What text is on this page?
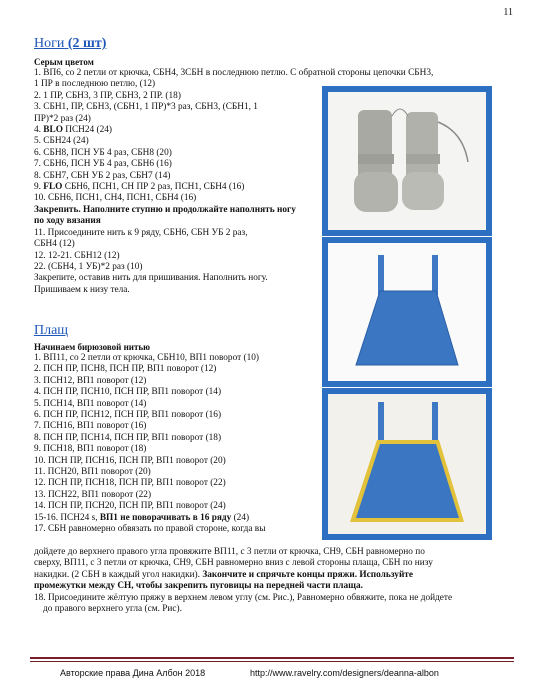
11
Ноги (2 шт)
Серым цветом
1. ВП6, со 2 петли от крючка, СБН4, 3СБН в последнюю петлю. С обратной стороны цепочки СБН3,
1 ПР в последнюю петлю, (12)
2. 1 ПР, СБН3, 3 ПР, СБН3, 2 ПР. (18)
3. СБН1, ПР, СБН3, (СБН1, 1 ПР)*3 раз, СБН3, (СБН1, 1
ПР)*2 раз (24)
4. BLO ПСН24 (24)
5. СБН24 (24)
6. СБН8, ПСН УБ 4 раз, СБН8 (20)
7. СБН6, ПСН УБ 4 раз, СБН6 (16)
8. СБН7, СБН УБ 2 раз, СБН7 (14)
9. FLO СБН6, ПСН1, СН ПР 2 раз, ПСН1, СБН4 (16)
10. СБН6, ПСН1, СН4, ПСН1, СБН4 (16)
Закрепить. Наполните ступню и продолжайте наполнять ногу
по ходу вязания
11. Присоедините нить к 9 ряду, СБН6, СБН УБ 2 раз,
СБН4 (12)
12. 12-21. СБН12 (12)
22. (СБН4, 1 УБ)*2 раз (10)
Закрепите, оставив нить для пришивания. Наполнить ногу.
Пришиваем к низу тела.
Плащ
Начинаем бирюзовой нитью
1. ВП11, со 2 петли от крючка, СБН10, ВП1 поворот (10)
2. ПСН ПР, ПСН8, ПСН ПР, ВП1 поворот (12)
3. ПСН12, ВП1 поворот (12)
4. ПСН ПР, ПСН10, ПСН ПР, ВП1 поворот (14)
5. ПСН14, ВП1 поворот (14)
6. ПСН ПР, ПСН12, ПСН ПР, ВП1 поворот (16)
7. ПСН16, ВП1 поворот (16)
8. ПСН ПР, ПСН14, ПСН ПР, ВП1 поворот (18)
9. ПСН18, ВП1 поворот (18)
10. ПСН ПР, ПСН16, ПСН ПР, ВП1 поворот (20)
11. ПСН20, ВП1 поворот (20)
12. ПСН ПР, ПСН18, ПСН ПР, ВП1 поворот (22)
13. ПСН22, ВП1 поворот (22)
14. ПСН ПР, ПСН20, ПСН ПР, ВП1 поворот (24)
15-16. ПСН24 s, ВП1 не поворачивать в 16 ряду (24)
17. СБН равномерно обвязать по правой стороне, когда вы
дойдете до верхнего правого угла провяжите ВП11, с 3 петли от крючка, СН9, СБН равномерно по
сверху, ВП11, с 3 петли от крючка, СН9, СБН равномерно вниз с левой стороны плаща, СБН по низу
накидки. (2 СБН в каждый угол накидки). Закончите и спрячьте концы пряжи. Используйте
промежутки между СН, чтобы закрепить пуговицы на передней части плаща.
18. Присоедините жёлтую пряжу в верхнем левом углу (см. Рис.), Равномерно обвяжите, пока не дойдете
до правого верхнего угла (см. Рис).
Авторские права Дина Албон 2018	http://www.ravelry.com/designers/deanna-albon
